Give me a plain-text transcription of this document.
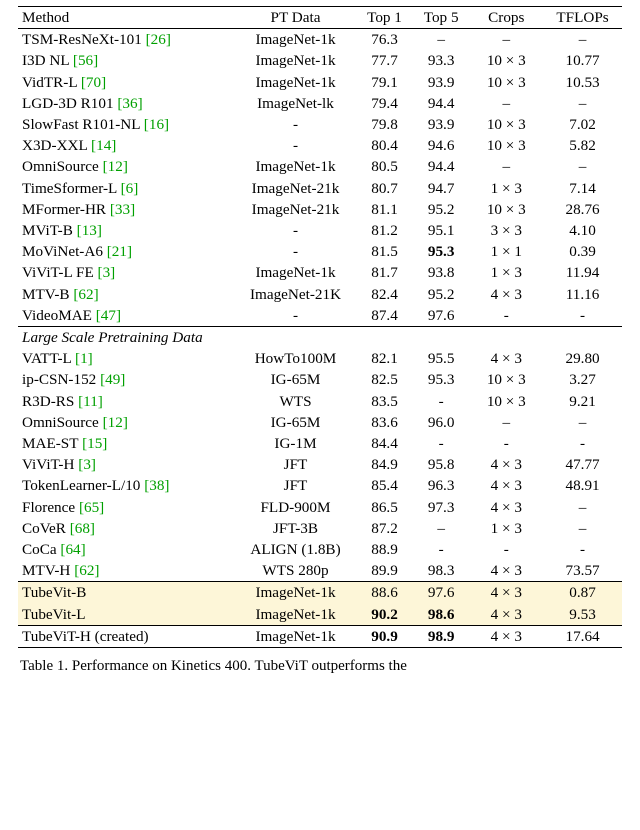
Method	PT Data	Top 1	Top 5	Crops	TFLOPs

TSM-ResNeXt-101 [26]	ImageNet-1k	76.3	–	–	–
I3D NL [56]	ImageNet-1k	77.7	93.3	10 × 3	10.77
VidTR-L [70]	ImageNet-1k	79.1	93.9	10 × 3	10.53
LGD-3D R101 [36]	ImageNet-lk	79.4	94.4	–	–
SlowFast R101-NL [16]	-	79.8	93.9	10 × 3	7.02
X3D-XXL [14]	-	80.4	94.6	10 × 3	5.82
OmniSource [12]	ImageNet-1k	80.5	94.4	–	–
TimeSformer-L [6]	ImageNet-21k	80.7	94.7	1 × 3	7.14
MFormer-HR [33]	ImageNet-21k	81.1	95.2	10 × 3	28.76
MViT-B [13]	-	81.2	95.1	3 × 3	4.10
MoViNet-A6 [21]	-	81.5	95.3	1 × 1	0.39
ViViT-L FE [3]	ImageNet-1k	81.7	93.8	1 × 3	11.94
MTV-B [62]	ImageNet-21K	82.4	95.2	4 × 3	11.16
VideoMAE [47]	-	87.4	97.6	-	-

Large Scale Pretraining Data					
VATT-L [1]	HowTo100M	82.1	95.5	4 × 3	29.80
ip-CSN-152 [49]	IG-65M	82.5	95.3	10 × 3	3.27
R3D-RS [11]	WTS	83.5	-	10 × 3	9.21
OmniSource [12]	IG-65M	83.6	96.0	–	–
MAE-ST [15]	IG-1M	84.4	-	-	-
ViViT-H [3]	JFT	84.9	95.8	4 × 3	47.77
TokenLearner-L/10 [38]	JFT	85.4	96.3	4 × 3	48.91
Florence [65]	FLD-900M	86.5	97.3	4 × 3	–
CoVeR [68]	JFT-3B	87.2	–	1 × 3	–
CoCa [64]	ALIGN (1.8B)	88.9	-	-	-
MTV-H [62]	WTS 280p	89.9	98.3	4 × 3	73.57

TubeVit-B	ImageNet-1k	88.6	97.6	4 × 3	0.87
TubeVit-L	ImageNet-1k	90.2	98.6	4 × 3	9.53

TubeViT-H (created)	ImageNet-1k	90.9	98.9	4 × 3	17.64

Table 1. Performance on Kinetics 400. TubeViT outperforms the
